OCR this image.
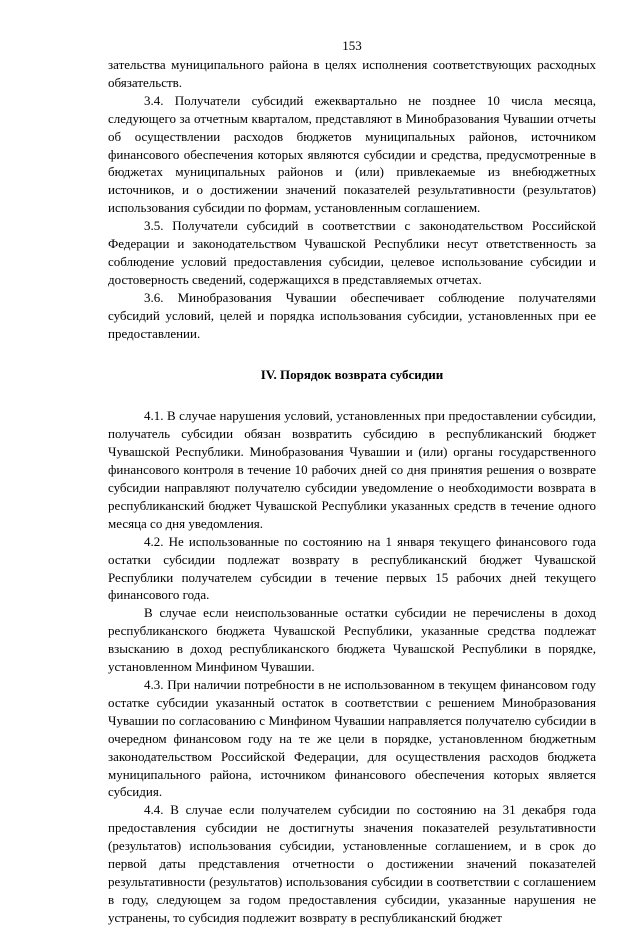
153

зательства муниципального района в целях исполнения соответствующих расходных обязательств.

3.4. Получатели субсидий ежеквартально не позднее 10 числа месяца, следующего за отчетным кварталом, представляют в Минобразования Чувашии отчеты об осуществлении расходов бюджетов муниципальных районов, источником финансового обеспечения которых являются субсидии и средства, предусмотренные в бюджетах муниципальных районов и (или) привлекаемые из внебюджетных источников, и о достижении значений показателей результативности (результатов) использования субсидии по формам, установленным соглашением.

3.5. Получатели субсидий в соответствии с законодательством Российской Федерации и законодательством Чувашской Республики несут ответственность за соблюдение условий предоставления субсидии, целевое использование субсидии и достоверность сведений, содержащихся в представляемых отчетах.

3.6. Минобразования Чувашии обеспечивает соблюдение получателями субсидий условий, целей и порядка использования субсидии, установленных при ее предоставлении.

IV. Порядок возврата субсидии

4.1. В случае нарушения условий, установленных при предоставлении субсидии, получатель субсидии обязан возвратить субсидию в республиканский бюджет Чувашской Республики. Минобразования Чувашии и (или) органы государственного финансового контроля в течение 10 рабочих дней со дня принятия решения о возврате субсидии направляют получателю субсидии уведомление о необходимости возврата в республиканский бюджет Чувашской Республики указанных средств в течение одного месяца со дня уведомления.

4.2. Не использованные по состоянию на 1 января текущего финансового года остатки субсидии подлежат возврату в республиканский бюджет Чувашской Республики получателем субсидии в течение первых 15 рабочих дней текущего финансового года.

В случае если неиспользованные остатки субсидии не перечислены в доход республиканского бюджета Чувашской Республики, указанные средства подлежат взысканию в доход республиканского бюджета Чувашской Республики в порядке, установленном Минфином Чувашии.

4.3. При наличии потребности в не использованном в текущем финансовом году остатке субсидии указанный остаток в соответствии с решением Минобразования Чувашии по согласованию с Минфином Чувашии направляется получателю субсидии в очередном финансовом году на те же цели в порядке, установленном бюджетным законодательством Российской Федерации, для осуществления расходов бюджета муниципального района, источником финансового обеспечения которых является субсидия.

4.4. В случае если получателем субсидии по состоянию на 31 декабря года предоставления субсидии не достигнуты значения показателей результативности (результатов) использования субсидии, установленные соглашением, и в срок до первой даты представления отчетности о достижении значений показателей результативности (результатов) использования субсидии в соответствии с соглашением в году, следующем за годом предоставления субсидии, указанные нарушения не устранены, то субсидия подлежит возврату в республиканский бюджет
